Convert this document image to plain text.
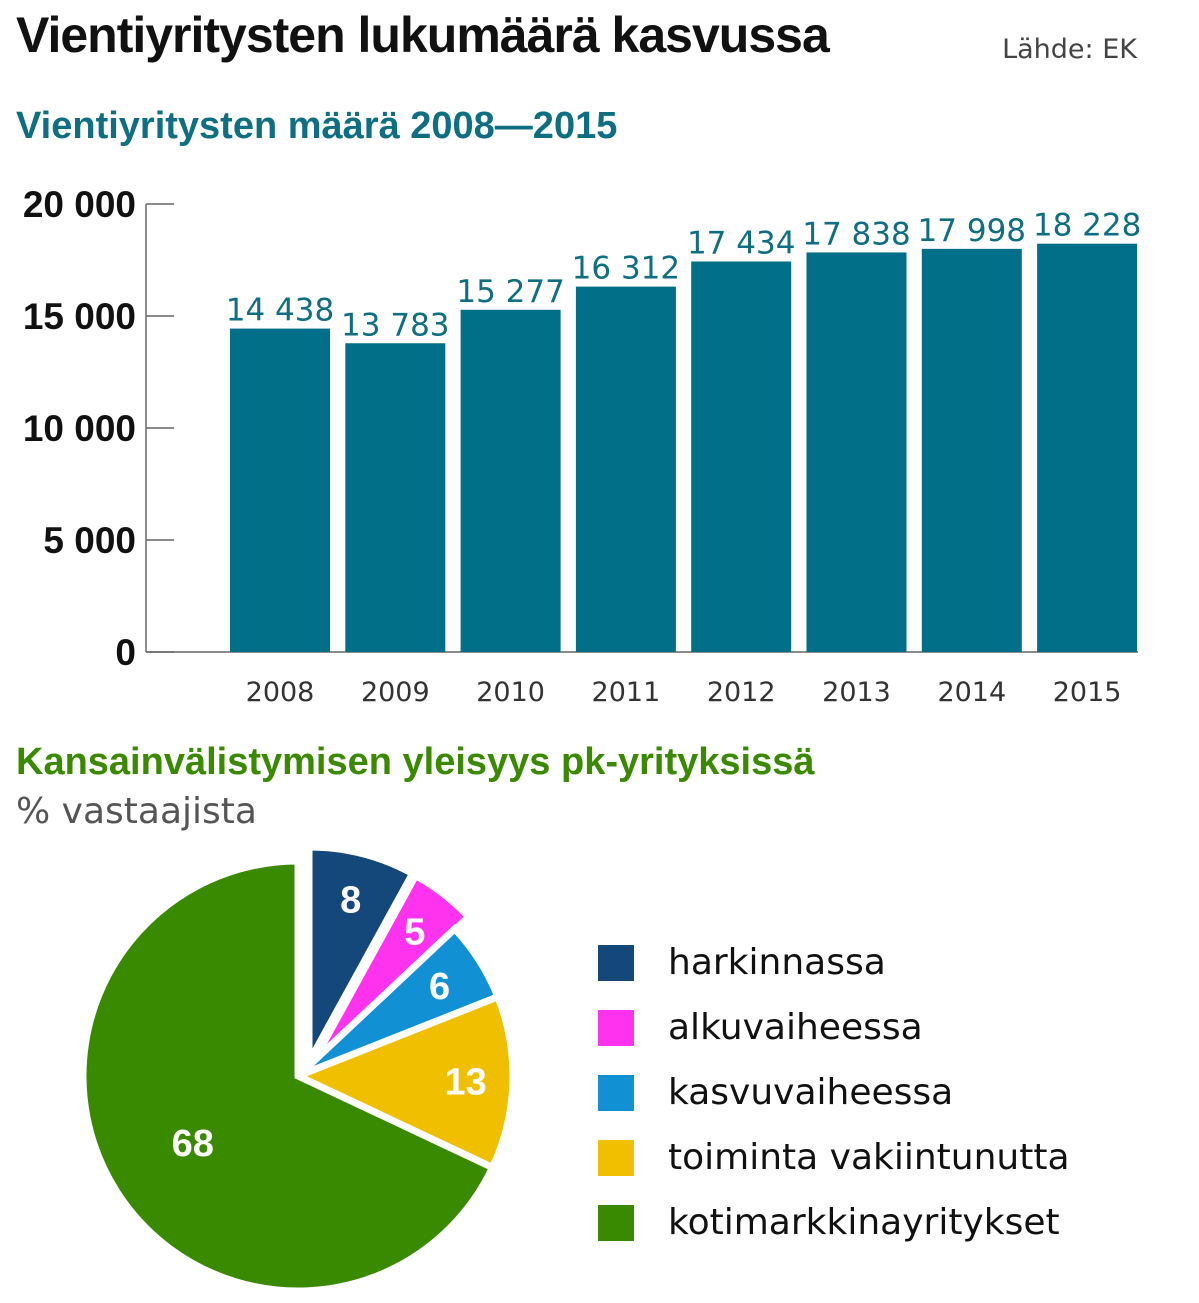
Vientiyritysten lukumäärä kasvussa	Lähde: EK
Vientiyritysten määrä 2008—2015
0
5 000
10 000
15 000
20 000
14 438
2008
13 783
2009
15 277
2010
16 312
2011
17 434
2012
17 838
2013
17 998
2014
18 228
2015
8
5
6
13
68
Kansainvälistymisen yleisyys pk-yrityksissä
% vastaajista
harkinnassa
alkuvaiheessa
kasvuvaiheessa
toiminta vakiintunutta
kotimarkkinayritykset
